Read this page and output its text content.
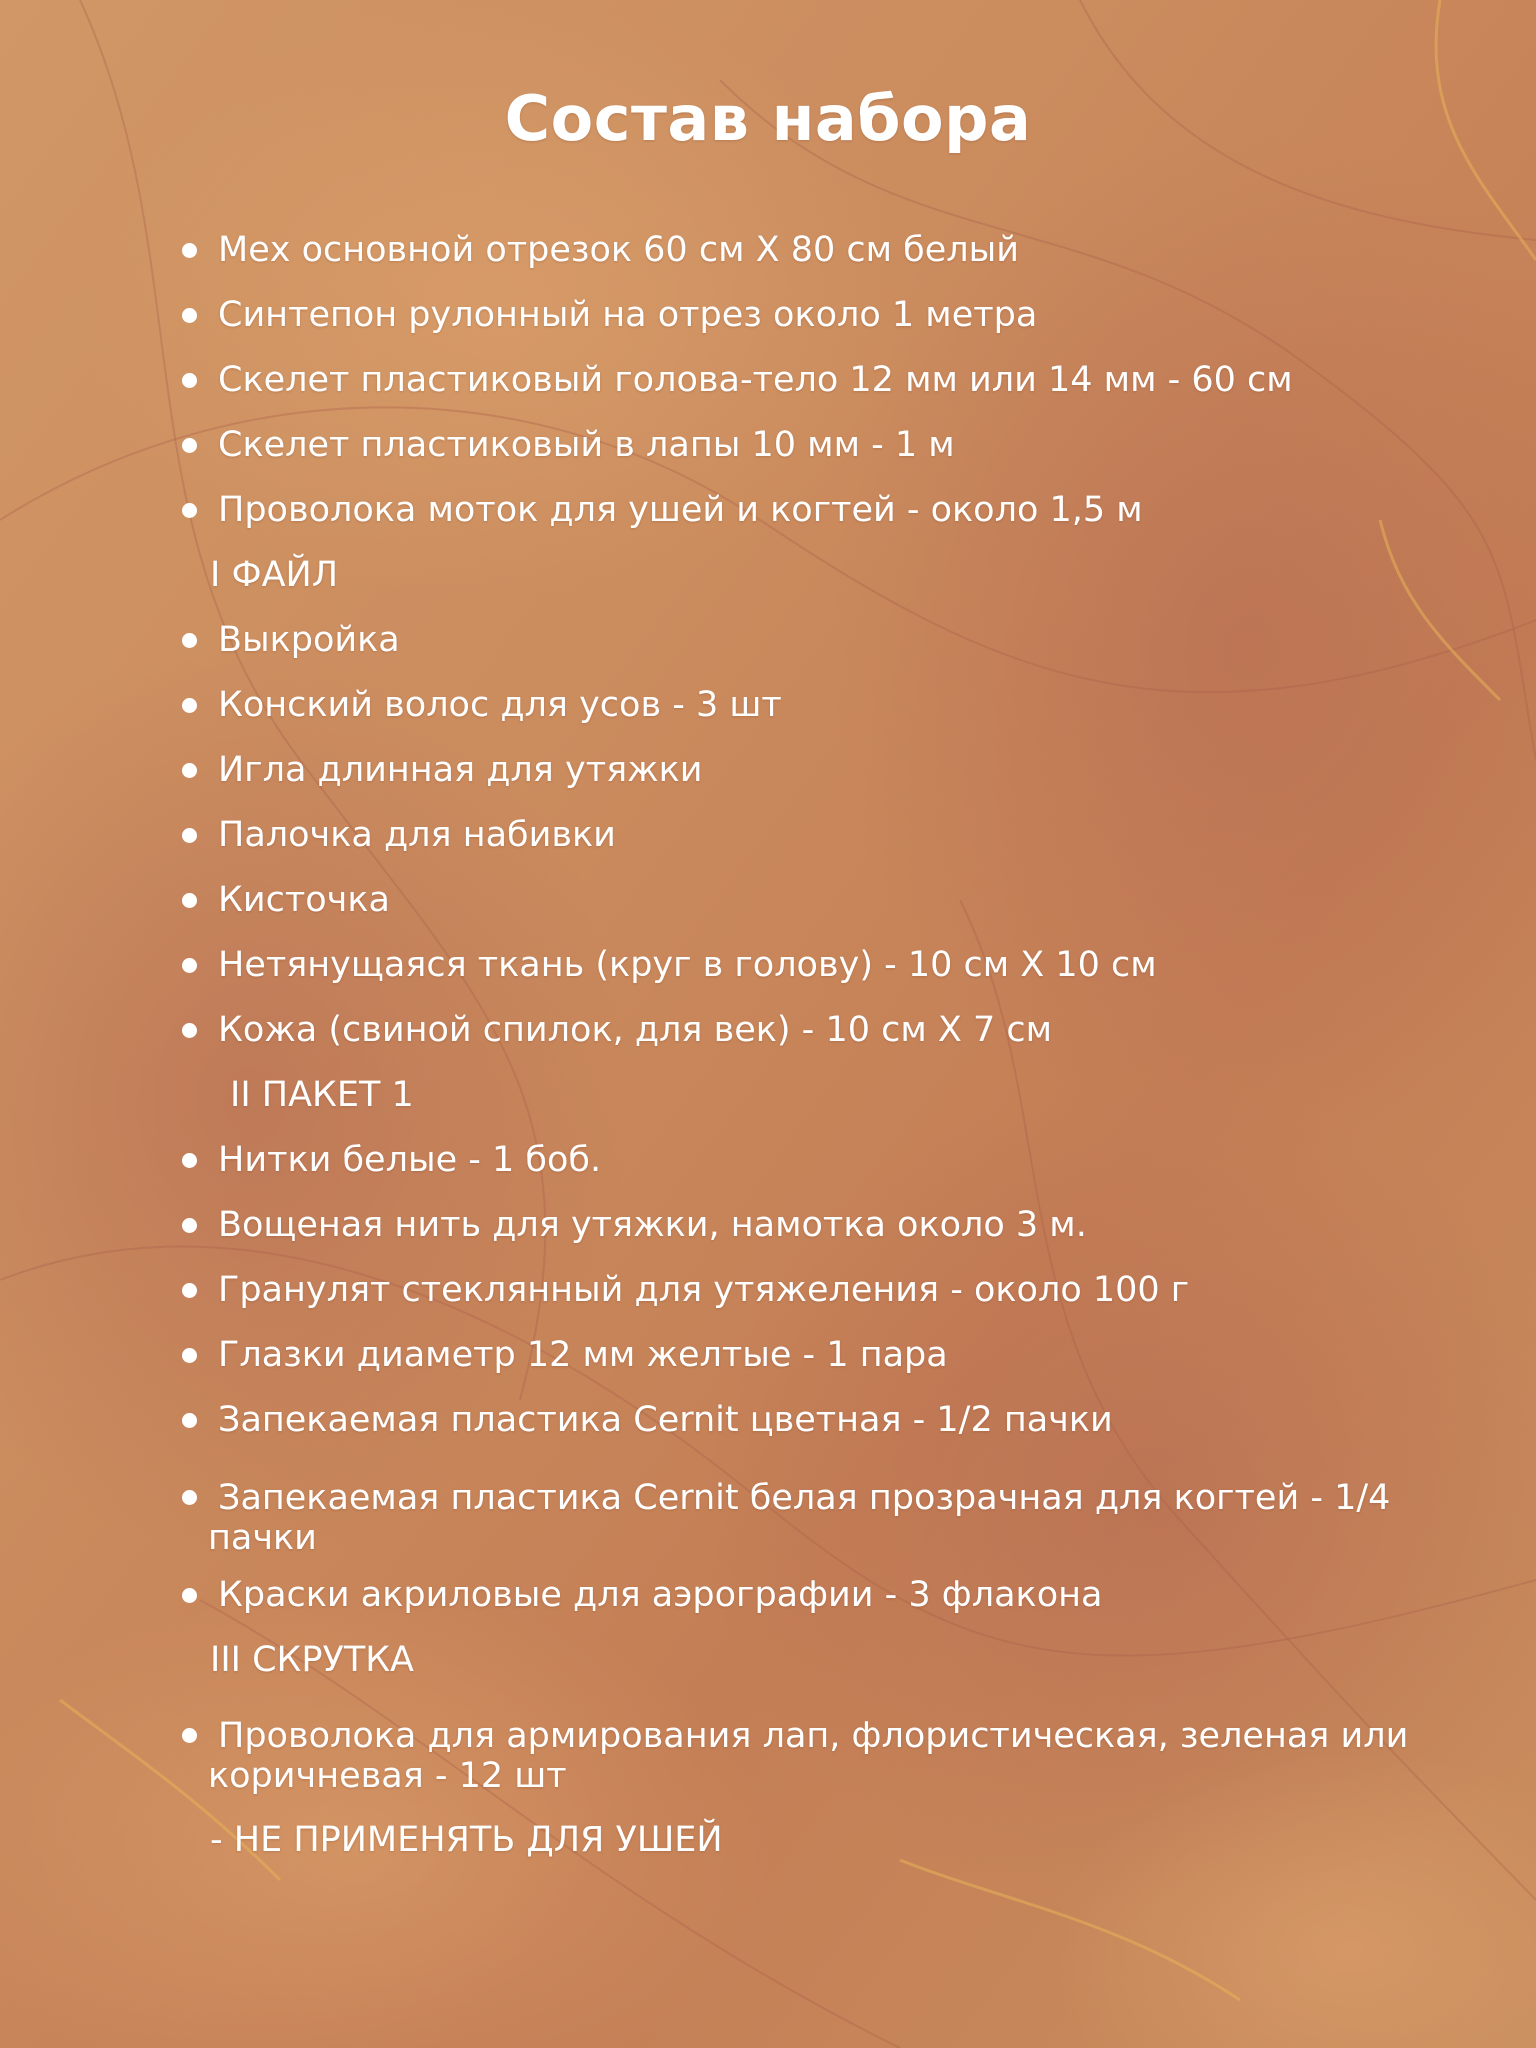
Состав набора
Мех основной отрезок 60 см Х 80 см белый
Синтепон рулонный на отрез около 1 метра
Скелет пластиковый голова-тело 12 мм или 14 мм - 60 см
Скелет пластиковый в лапы 10 мм - 1 м
Проволока моток для ушей и когтей - около 1,5 м
I ФАЙЛ
Выкройка
Конский волос для усов - 3 шт
Игла длинная для утяжки
Палочка для набивки
Кисточка
Нетянущаяся ткань (круг в голову) - 10 см Х 10 см
Кожа (свиной спилок, для век) - 10 см Х 7 см
II ПАКЕТ 1
Нитки белые - 1 боб.
Вощеная нить для утяжки, намотка около 3 м.
Гранулят стеклянный для утяжеления - около 100 г
Глазки диаметр 12 мм желтые - 1 пара
Запекаемая пластика Cernit цветная - 1/2 пачки
Запекаемая пластика Cernit белая прозрачная для когтей - 1/4 пачки
Краски акриловые для аэрографии - 3 флакона
III СКРУТКА
Проволока для армирования лап, флористическая, зеленая или коричневая - 12 шт
- НЕ ПРИМЕНЯТЬ ДЛЯ УШЕЙ
